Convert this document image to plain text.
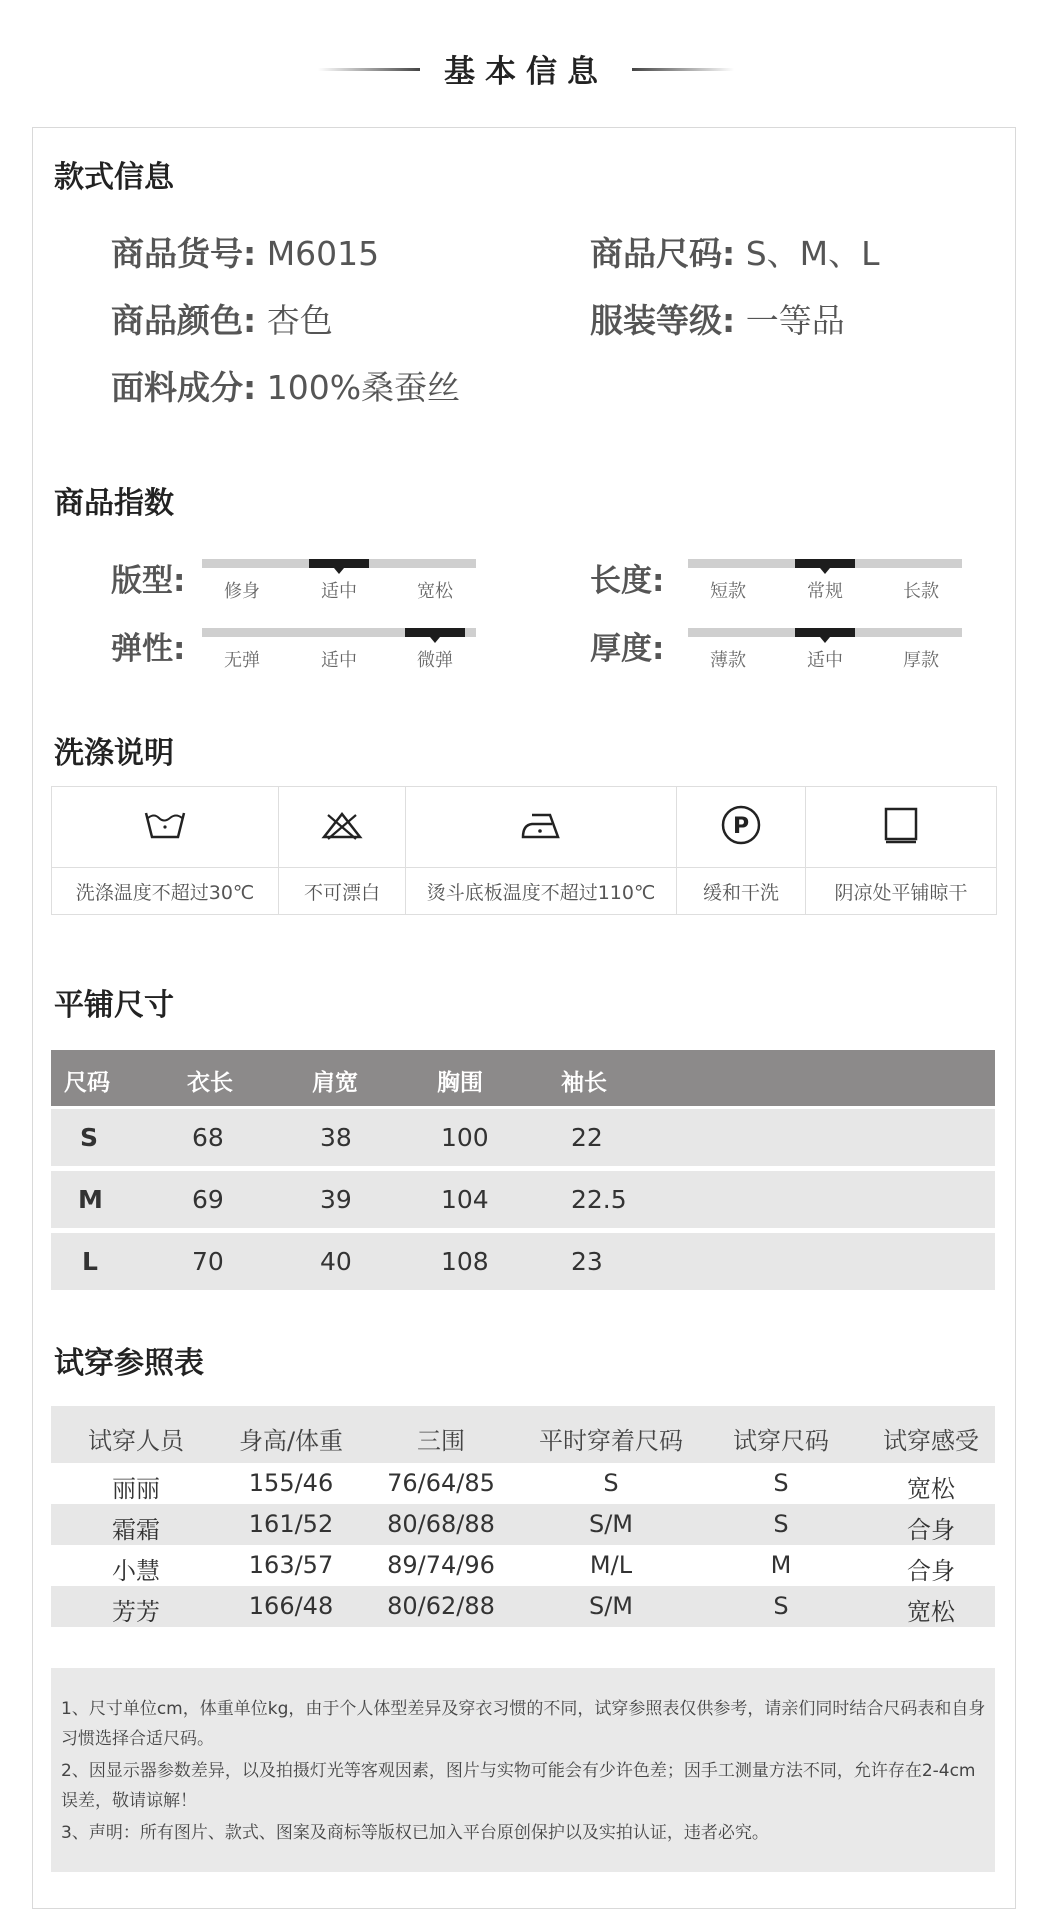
基本信息
款式信息
商品货号: M6015	商品尺码: S、M、L
商品颜色: 杏色	服装等级: 一等品
面料成分: 100%桑蚕丝
商品指数
版型:	修身	适中	宽松	长度:	短款	常规	长款
弹性:	无弹	适中	微弹	厚度:	薄款	适中	厚款
洗涤说明

P

洗涤温度不超过30℃	不可漂白	烫斗底板温度不超过110℃	缓和干洗	阴凉处平铺晾干
平铺尺寸
尺码	衣长	肩宽	胸围	袖长
S	68	38	100	22
M	69	39	104	22.5
L	70	40	108	23
试穿参照表
试穿人员	身高/体重	三围	平时穿着尺码	试穿尺码	试穿感受
丽丽	155/46	76/64/85	S	S	宽松
霜霜	161/52	80/68/88	S/M	S	合身
小慧	163/57	89/74/96	M/L	M	合身
芳芳	166/48	80/62/88	S/M	S	宽松

1、尺寸单位cm，体重单位kg，由于个人体型差异及穿衣习惯的不同，试穿参照表仅供参考，请亲们同时结合尺码表和自身习惯选择合适尺码。

2、因显示器参数差异，以及拍摄灯光等客观因素，图片与实物可能会有少许色差；因手工测量方法不同，允许存在2-4cm误差，敬请谅解！

3、声明：所有图片、款式、图案及商标等版权已加入平台原创保护以及实拍认证，违者必究。
